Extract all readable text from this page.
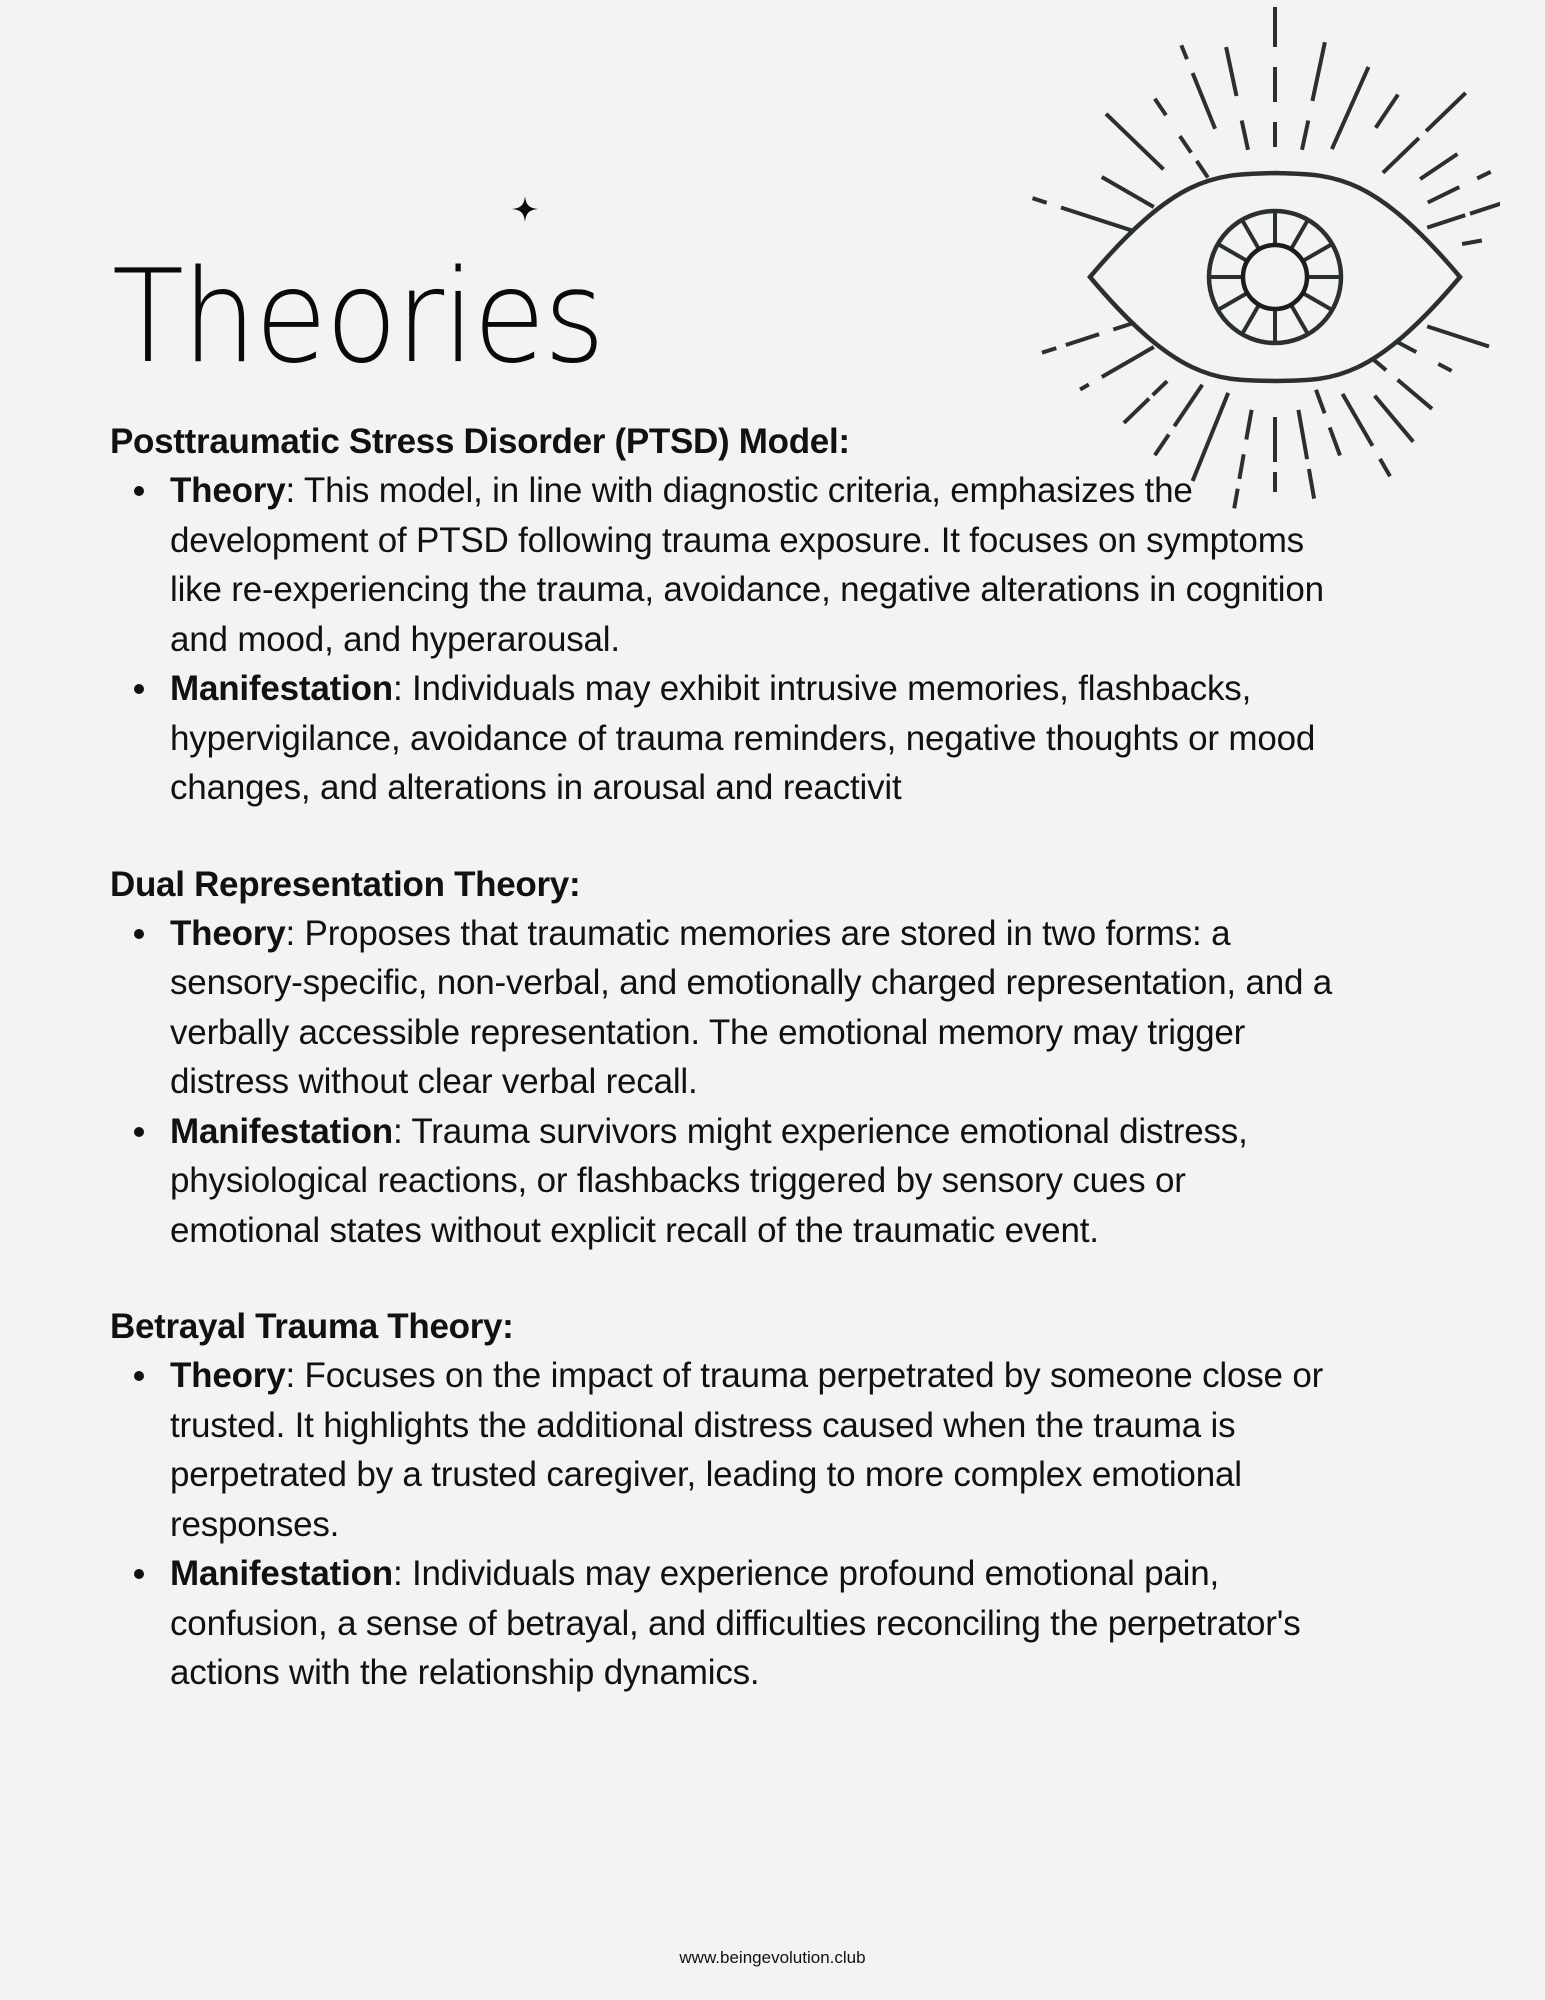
Theories
Posttraumatic Stress Disorder (PTSD) Model:
Theory: This model, in line with diagnostic criteria, emphasizes the development of PTSD following trauma exposure. It focuses on symptoms like re-experiencing the trauma, avoidance, negative alterations in cognition and mood, and hyperarousal.
Manifestation: Individuals may exhibit intrusive memories, flashbacks, hypervigilance, avoidance of trauma reminders, negative thoughts or mood changes, and alterations in arousal and reactivit
Dual Representation Theory:
Theory: Proposes that traumatic memories are stored in two forms: a sensory-specific, non-verbal, and emotionally charged representation, and a verbally accessible representation. The emotional memory may trigger distress without clear verbal recall.
Manifestation: Trauma survivors might experience emotional distress, physiological reactions, or flashbacks triggered by sensory cues or emotional states without explicit recall of the traumatic event.
Betrayal Trauma Theory:
Theory: Focuses on the impact of trauma perpetrated by someone close or trusted. It highlights the additional distress caused when the trauma is perpetrated by a trusted caregiver, leading to more complex emotional responses.
Manifestation: Individuals may experience profound emotional pain, confusion, a sense of betrayal, and difficulties reconciling the perpetrator's actions with the relationship dynamics.
www.beingevolution.club
